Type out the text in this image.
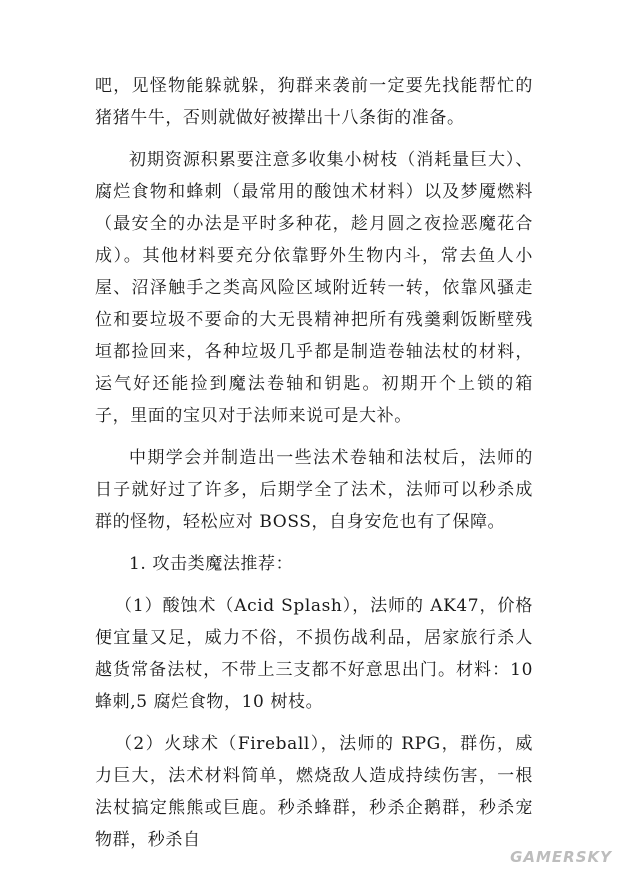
吧，见怪物能躲就躲，狗群来袭前一定要先找能帮忙的猪猪牛牛，否则就做好被撵出十八条街的准备。

初期资源积累要注意多收集小树枝（消耗量巨大）、腐烂食物和蜂刺（最常用的酸蚀术材料）以及梦魇燃料（最安全的办法是平时多种花，趁月圆之夜捡恶魔花合成）。其他材料要充分依靠野外生物内斗，常去鱼人小屋、沼泽触手之类高风险区域附近转一转，依靠风骚走位和要垃圾不要命的大无畏精神把所有残羹剩饭断壁残垣都捡回来，各种垃圾几乎都是制造卷轴法杖的材料，运气好还能捡到魔法卷轴和钥匙。初期开个上锁的箱子，里面的宝贝对于法师来说可是大补。

中期学会并制造出一些法术卷轴和法杖后，法师的日子就好过了许多，后期学全了法术，法师可以秒杀成群的怪物，轻松应对 BOSS，自身安危也有了保障。

1. 攻击类魔法推荐：

（1）酸蚀术（Acid Splash），法师的 AK47，价格便宜量又足，威力不俗，不损伤战利品，居家旅行杀人越货常备法杖，不带上三支都不好意思出门。材料：10 蜂刺,5 腐烂食物，10 树枝。

（2）火球术（Fireball），法师的 RPG，群伤，威力巨大，法术材料简单，燃烧敌人造成持续伤害，一根法杖搞定熊熊或巨鹿。秒杀蜂群，秒杀企鹅群，秒杀宠物群，秒杀自

GAMERSKY
